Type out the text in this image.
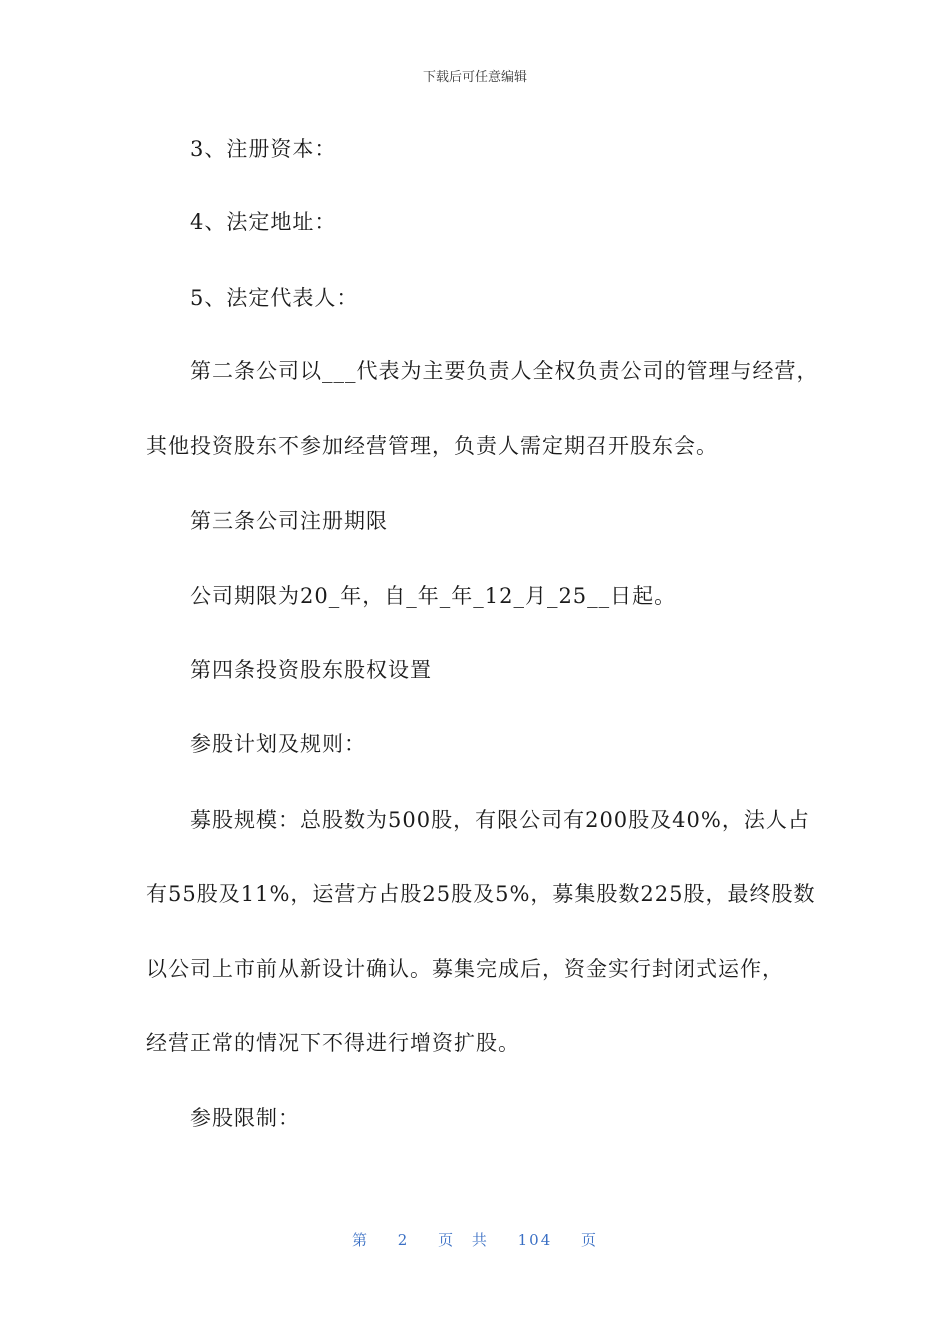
下载后可任意编辑
3、注册资本：
4、法定地址：
5、法定代表人：
第二条公司以___代表为主要负责人全权负责公司的管理与经营，
其他投资股东不参加经营管理，负责人需定期召开股东会。
第三条公司注册期限
公司期限为20_年，自_年_年_12_月_25__日起。
第四条投资股东股权设置
参股计划及规则：
募股规模：总股数为500股，有限公司有200股及40%，法人占
有55股及11%，运营方占股25股及5%，募集股数225股，最终股数
以公司上市前从新设计确认。募集完成后，资金实行封闭式运作，
经营正常的情况下不得进行增资扩股。
参股限制：
第 2 页 共 104 页
